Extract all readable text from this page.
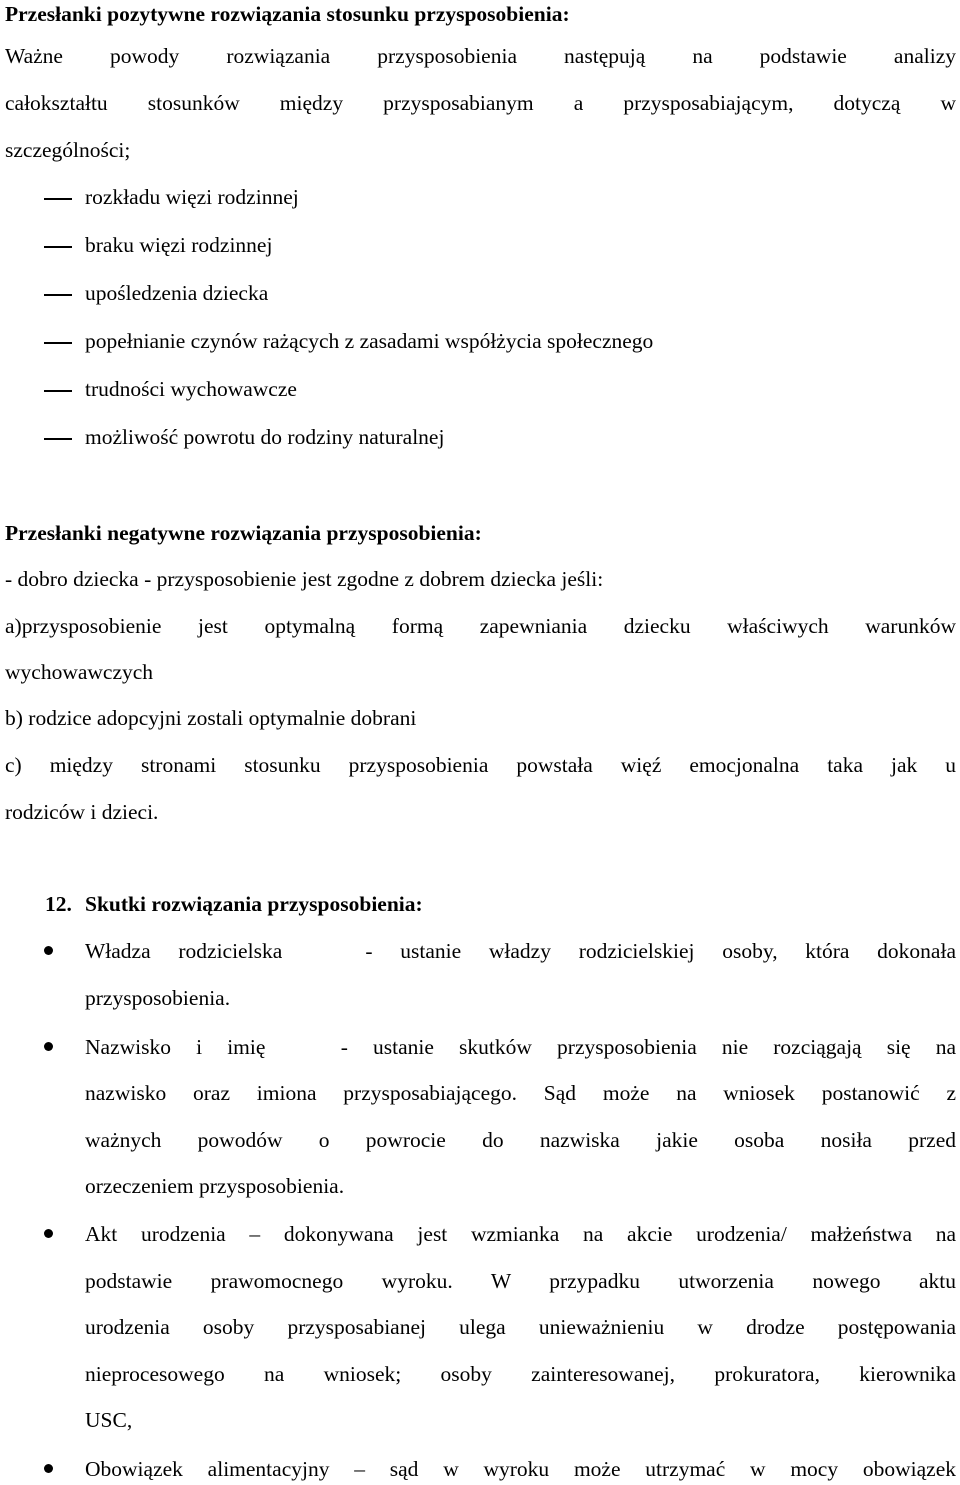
Przesłanki pozytywne rozwiązania stosunku przysposobienia:
Ważne powody rozwiązania przysposobienia następują na podstawie analizy
całokształtu stosunków między przysposabianym a przysposabiającym, dotyczą w
szczególności;
rozkładu więzi rodzinnej
braku więzi rodzinnej
upośledzenia dziecka
popełnianie czynów rażących z zasadami współżycia społecznego
trudności wychowawcze
możliwość powrotu do rodziny naturalnej
Przesłanki negatywne rozwiązania przysposobienia:
- dobro dziecka - przysposobienie jest zgodne z dobrem dziecka jeśli:
a)przysposobienie jest optymalną formą zapewniania dziecku właściwych warunków
wychowawczych
b) rodzice adopcyjni zostali optymalnie dobrani
c) między stronami stosunku przysposobienia powstała więź emocjonalna taka jak u
rodziców i dzieci.
12. Skutki rozwiązania przysposobienia:
Władza rodzicielska   - ustanie władzy rodzicielskiej osoby, która dokonała
przysposobienia.
Nazwisko i imię   - ustanie skutków przysposobienia nie rozciągają się na
nazwisko oraz imiona przysposabiającego. Sąd może na wniosek postanowić z
ważnych powodów o powrocie do nazwiska jakie osoba nosiła przed
orzeczeniem przysposobienia.
Akt urodzenia – dokonywana jest wzmianka na akcie urodzenia/ małżeństwa na
podstawie prawomocnego wyroku. W przypadku utworzenia nowego aktu
urodzenia osoby przysposabianej ulega unieważnieniu w drodze postępowania
nieprocesowego na wniosek; osoby zainteresowanej, prokuratora, kierownika
USC,
Obowiązek alimentacyjny – sąd w wyroku może utrzymać w mocy obowiązek
